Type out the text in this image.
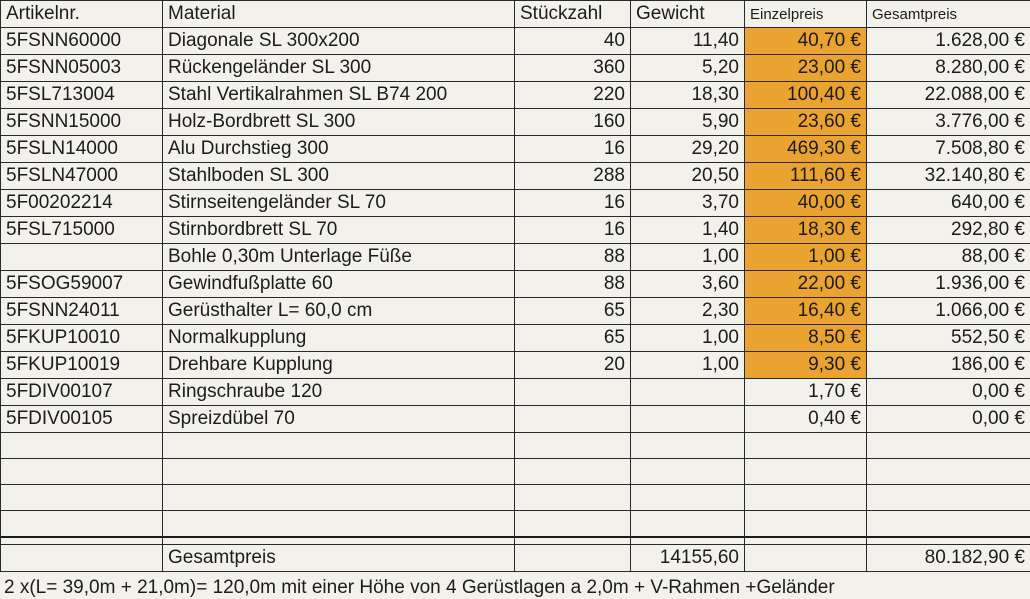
Artikelnr.	Material	Stückzahl	Gewicht	Einzelpreis	Gesamtpreis
5FSNN60000	Diagonale SL 300x200	40	11,40	40,70 €	1.628,00 €
5FSNN05003	Rückengeländer SL 300	360	5,20	23,00 €	8.280,00 €
5FSL713004	Stahl Vertikalrahmen SL B74 200	220	18,30	100,40 €	22.088,00 €
5FSNN15000	Holz-Bordbrett SL 300	160	5,90	23,60 €	3.776,00 €
5FSLN14000	Alu Durchstieg 300	16	29,20	469,30 €	7.508,80 €
5FSLN47000	Stahlboden SL 300	288	20,50	111,60 €	32.140,80 €
5F00202214	Stirnseitengeländer SL 70	16	3,70	40,00 €	640,00 €
5FSL715000	Stirnbordbrett SL 70	16	1,40	18,30 €	292,80 €
	Bohle 0,30m Unterlage Füße	88	1,00	1,00 €	88,00 €
5FSOG59007	Gewindfußplatte 60	88	3,60	22,00 €	1.936,00 €
5FSNN24011	Gerüsthalter L= 60,0 cm	65	2,30	16,40 €	1.066,00 €
5FKUP10010	Normalkupplung	65	1,00	8,50 €	552,50 €
5FKUP10019	Drehbare Kupplung	20	1,00	9,30 €	186,00 €
5FDIV00107	Ringschraube 120			1,70 €	0,00 €
5FDIV00105	Spreizdübel 70			0,40 €	0,00 €

	Gesamtpreis		14155,60		80.182,90 €
2 x(L= 39,0m + 21,0m)= 120,0m mit einer Höhe von 4 Gerüstlagen a 2,0m + V-Rahmen +Geländer
